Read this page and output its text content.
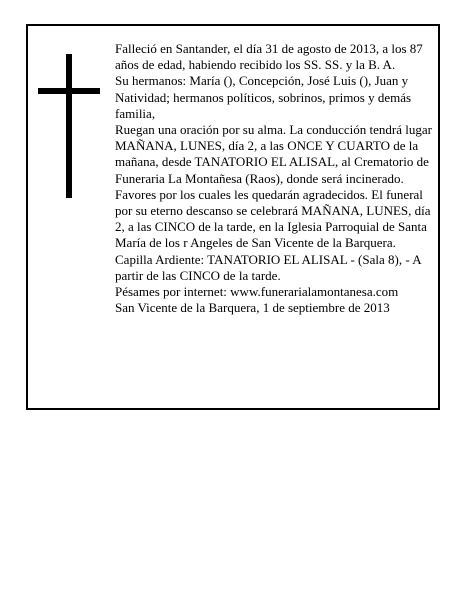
Falleció en Santander, el día 31 de agosto de 2013, a los 87 años de edad, habiendo recibido los SS. SS. y la B. A.

Su hermanos: María (), Concepción, José Luis (), Juan y Natividad; hermanos políticos, sobrinos, primos y demás familia,

Ruegan una oración por su alma. La conducción tendrá lugar MAÑANA, LUNES, día 2, a las ONCE Y CUARTO de la mañana, desde TANATORIO EL ALISAL, al Crematorio de Funeraria La Montañesa (Raos), donde será incinerado. Favores por los cuales les quedarán agradecidos. El funeral por su eterno descanso se celebrará MAÑANA, LUNES, día 2, a las CINCO de la tarde, en la Iglesia Parroquial de Santa María de los r Angeles de San Vicente de la Barquera.

Capilla Ardiente: TANATORIO EL ALISAL - (Sala 8), - A partir de las CINCO de la tarde.

Pésames por internet: www.funerarialamontanesa.com

San Vicente de la Barquera, 1 de septiembre de 2013
